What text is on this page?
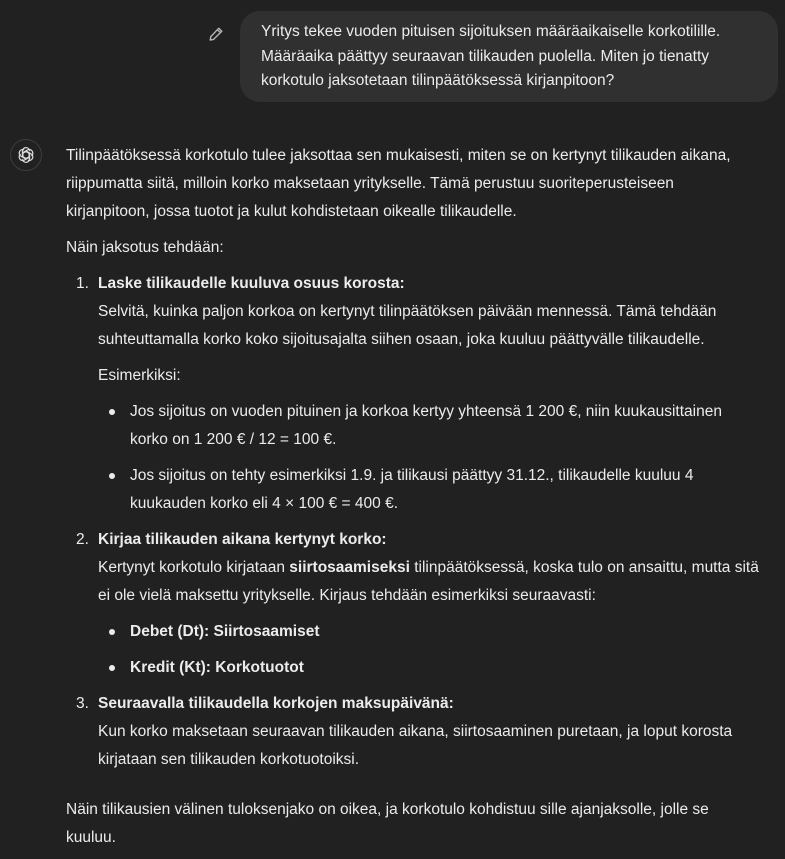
Yritys tekee vuoden pituisen sijoituksen määräaikaiselle korkotilille.
Määräaika päättyy seuraavan tilikauden puolella. Miten jo tienatty
korkotulo jaksotetaan tilinpäätöksessä kirjanpitoon?

Tilinpäätöksessä korkotulo tulee jaksottaa sen mukaisesti, miten se on kertynyt tilikauden aikana,
riippumatta siitä, milloin korko maksetaan yritykselle. Tämä perustuu suoriteperusteiseen
kirjanpitoon, jossa tuotot ja kulut kohdistetaan oikealle tilikaudelle.

Näin jaksotus tehdään:

Laske tilikaudelle kuuluva osuus korosta:
Selvitä, kuinka paljon korkoa on kertynyt tilinpäätöksen päivään mennessä. Tämä tehdään
suhteuttamalla korko koko sijoitusajalta siihen osaan, joka kuuluu päättyvälle tilikaudelle.
Esimerkiksi:
Jos sijoitus on vuoden pituinen ja korkoa kertyy yhteensä 1 200 €, niin kuukausittainen
korko on 1 200 € / 12 = 100 €.
Jos sijoitus on tehty esimerkiksi 1.9. ja tilikausi päättyy 31.12., tilikaudelle kuuluu 4
kuukauden korko eli 4 × 100 € = 400 €.
Kirjaa tilikauden aikana kertynyt korko:
Kertynyt korkotulo kirjataan siirtosaamiseksi tilinpäätöksessä, koska tulo on ansaittu, mutta sitä
ei ole vielä maksettu yritykselle. Kirjaus tehdään esimerkiksi seuraavasti:
Debet (Dt): Siirtosaamiset
Kredit (Kt): Korkotuotot
Seuraavalla tilikaudella korkojen maksupäivänä:
Kun korko maksetaan seuraavan tilikauden aikana, siirtosaaminen puretaan, ja loput korosta
kirjataan sen tilikauden korkotuotoiksi.

Näin tilikausien välinen tuloksenjako on oikea, ja korkotulo kohdistuu sille ajanjaksolle, jolle se
kuuluu.
